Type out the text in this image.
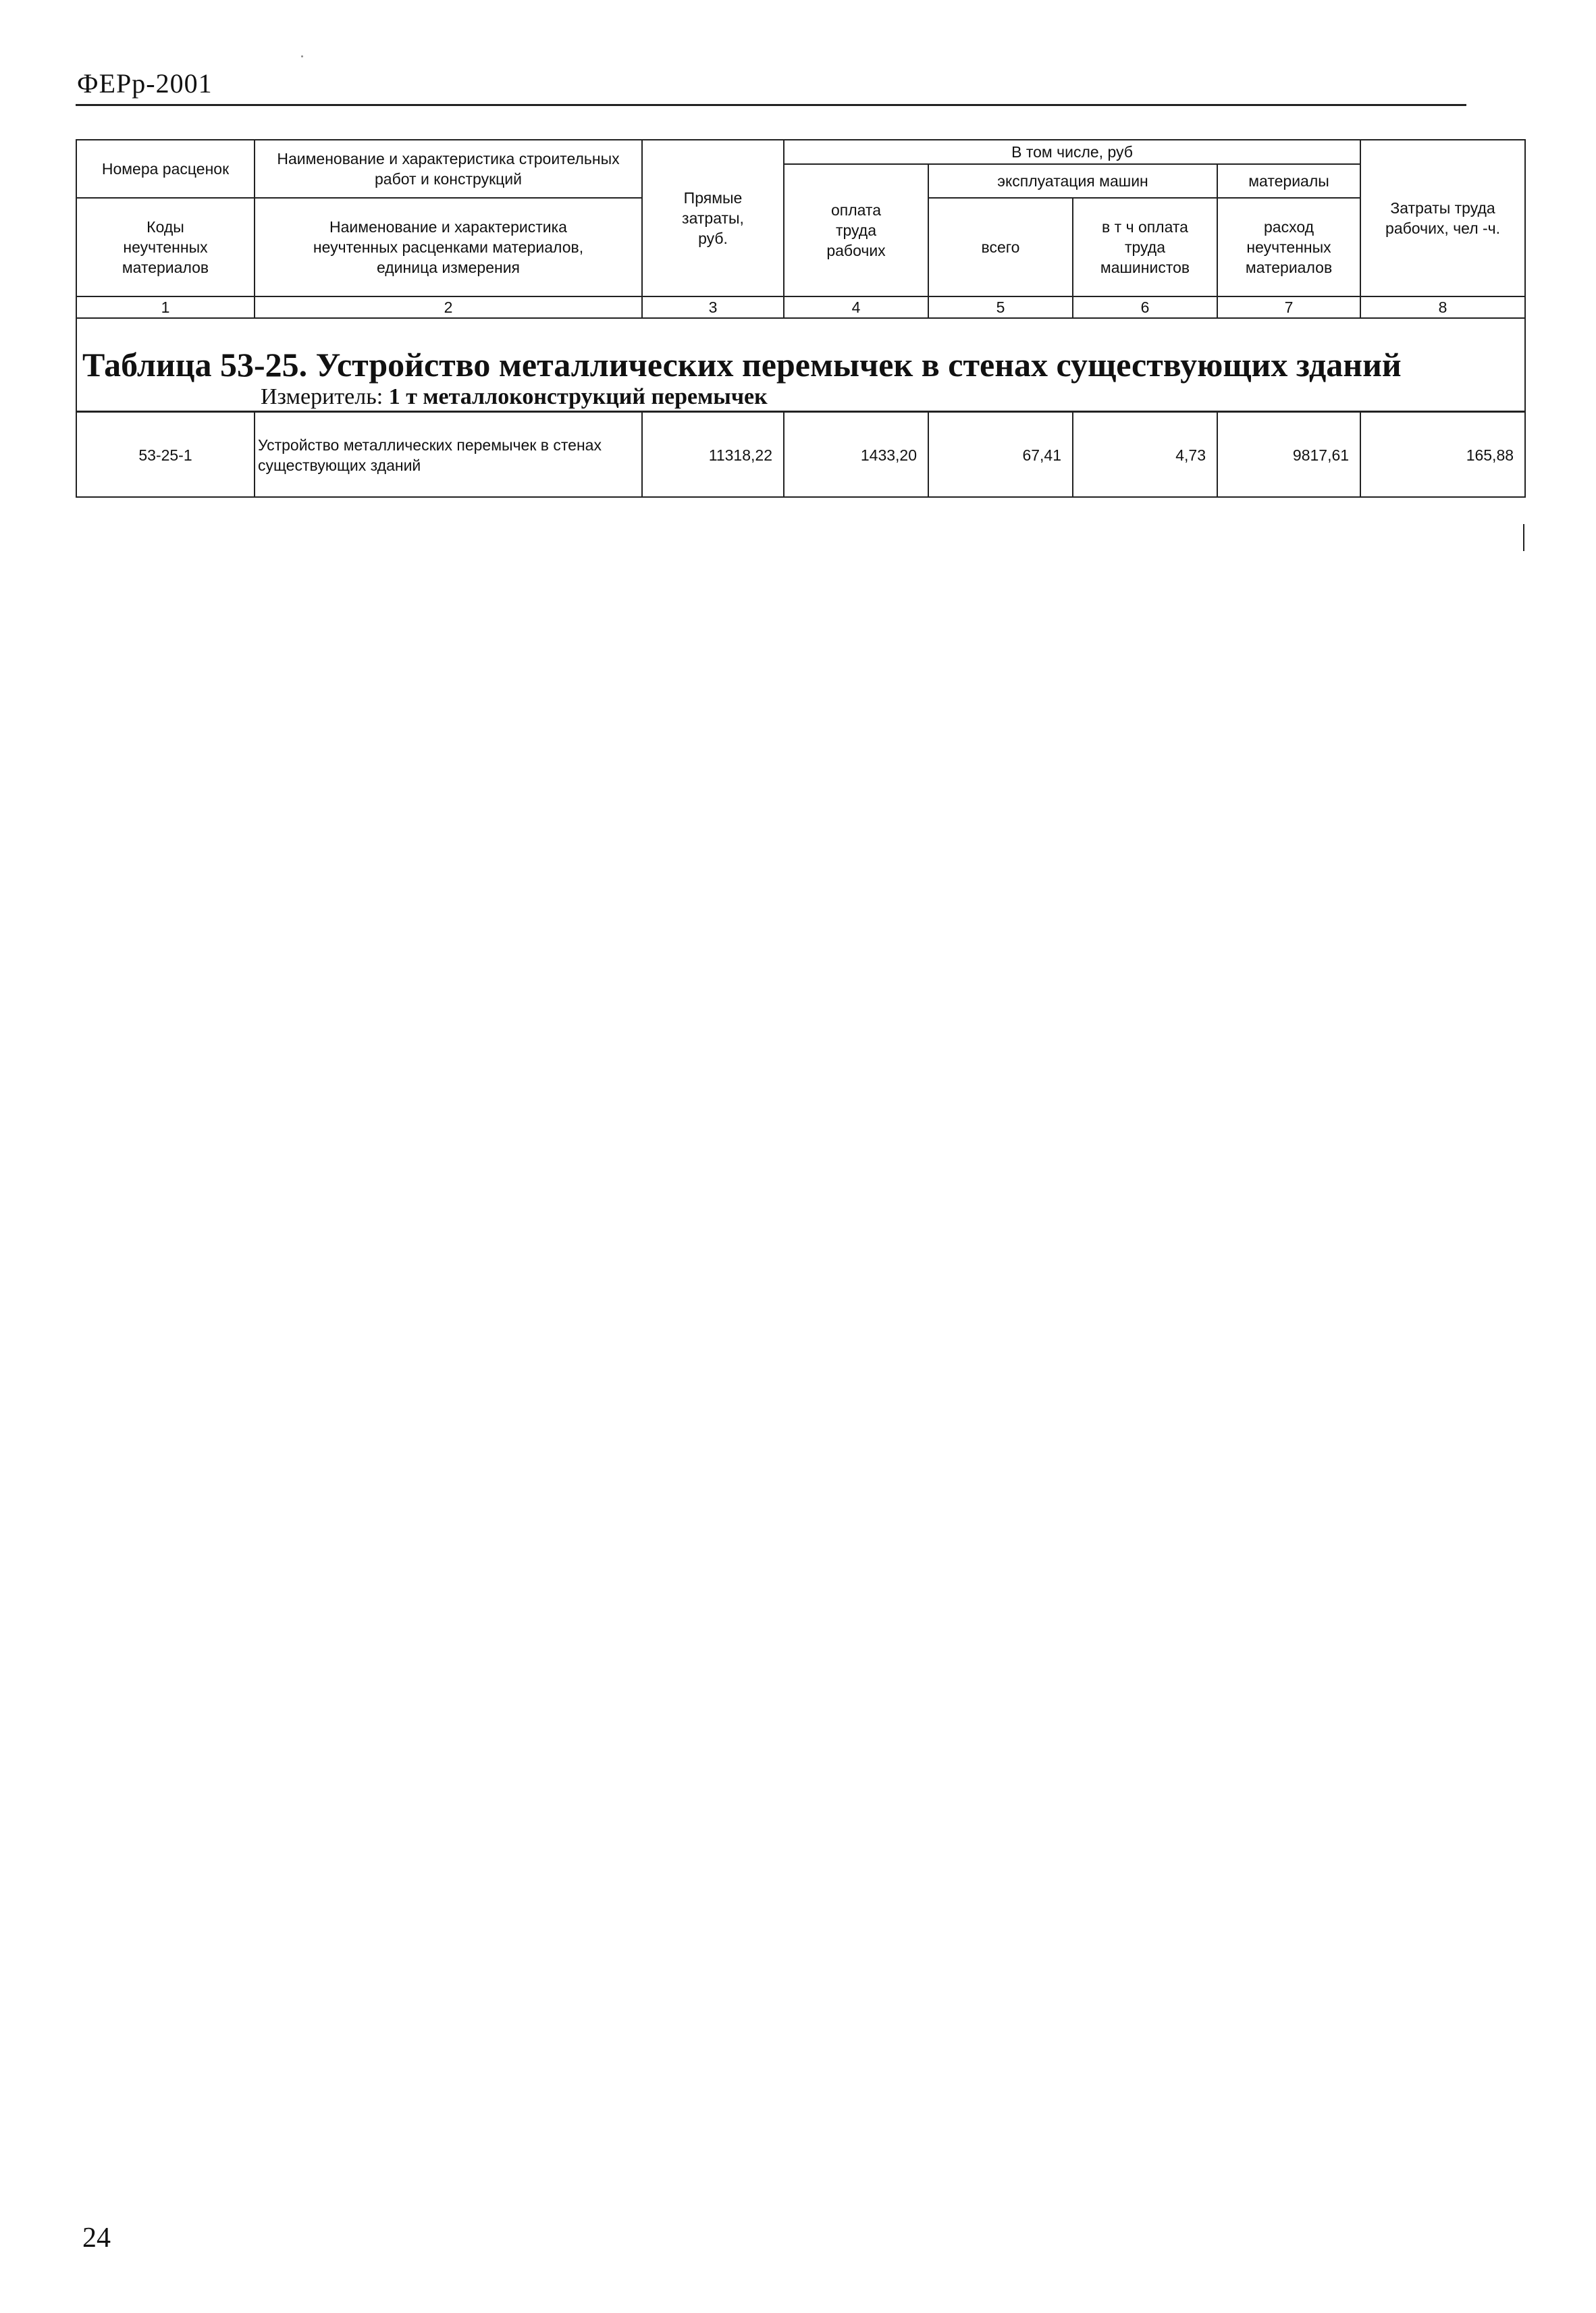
ФЕРр-2001
Номера расценок	Наименование и характеристика строительных работ и конструкций	Прямые затраты, руб.	В том числе, руб				Затраты труда рабочих, чел -ч.
			оплата труда рабочих	эксплуатация машин		материалы	
Коды неучтенных материалов	Наименование и характеристика неучтенных расценками материалов, единица измерения			всего	в т ч оплата труда машинистов	расход неучтенных материалов	
1	2	3	4	5	6	7	8
Таблица 53-25. Устройство металлических перемычек в стенах существующих зданий							
Измеритель: 1 т металлоконструкций перемычек							
53-25-1	Устройство металлических перемычек в стенах существующих зданий	11318,22	1433,20	67,41	4,73	9817,61	165,88
24
